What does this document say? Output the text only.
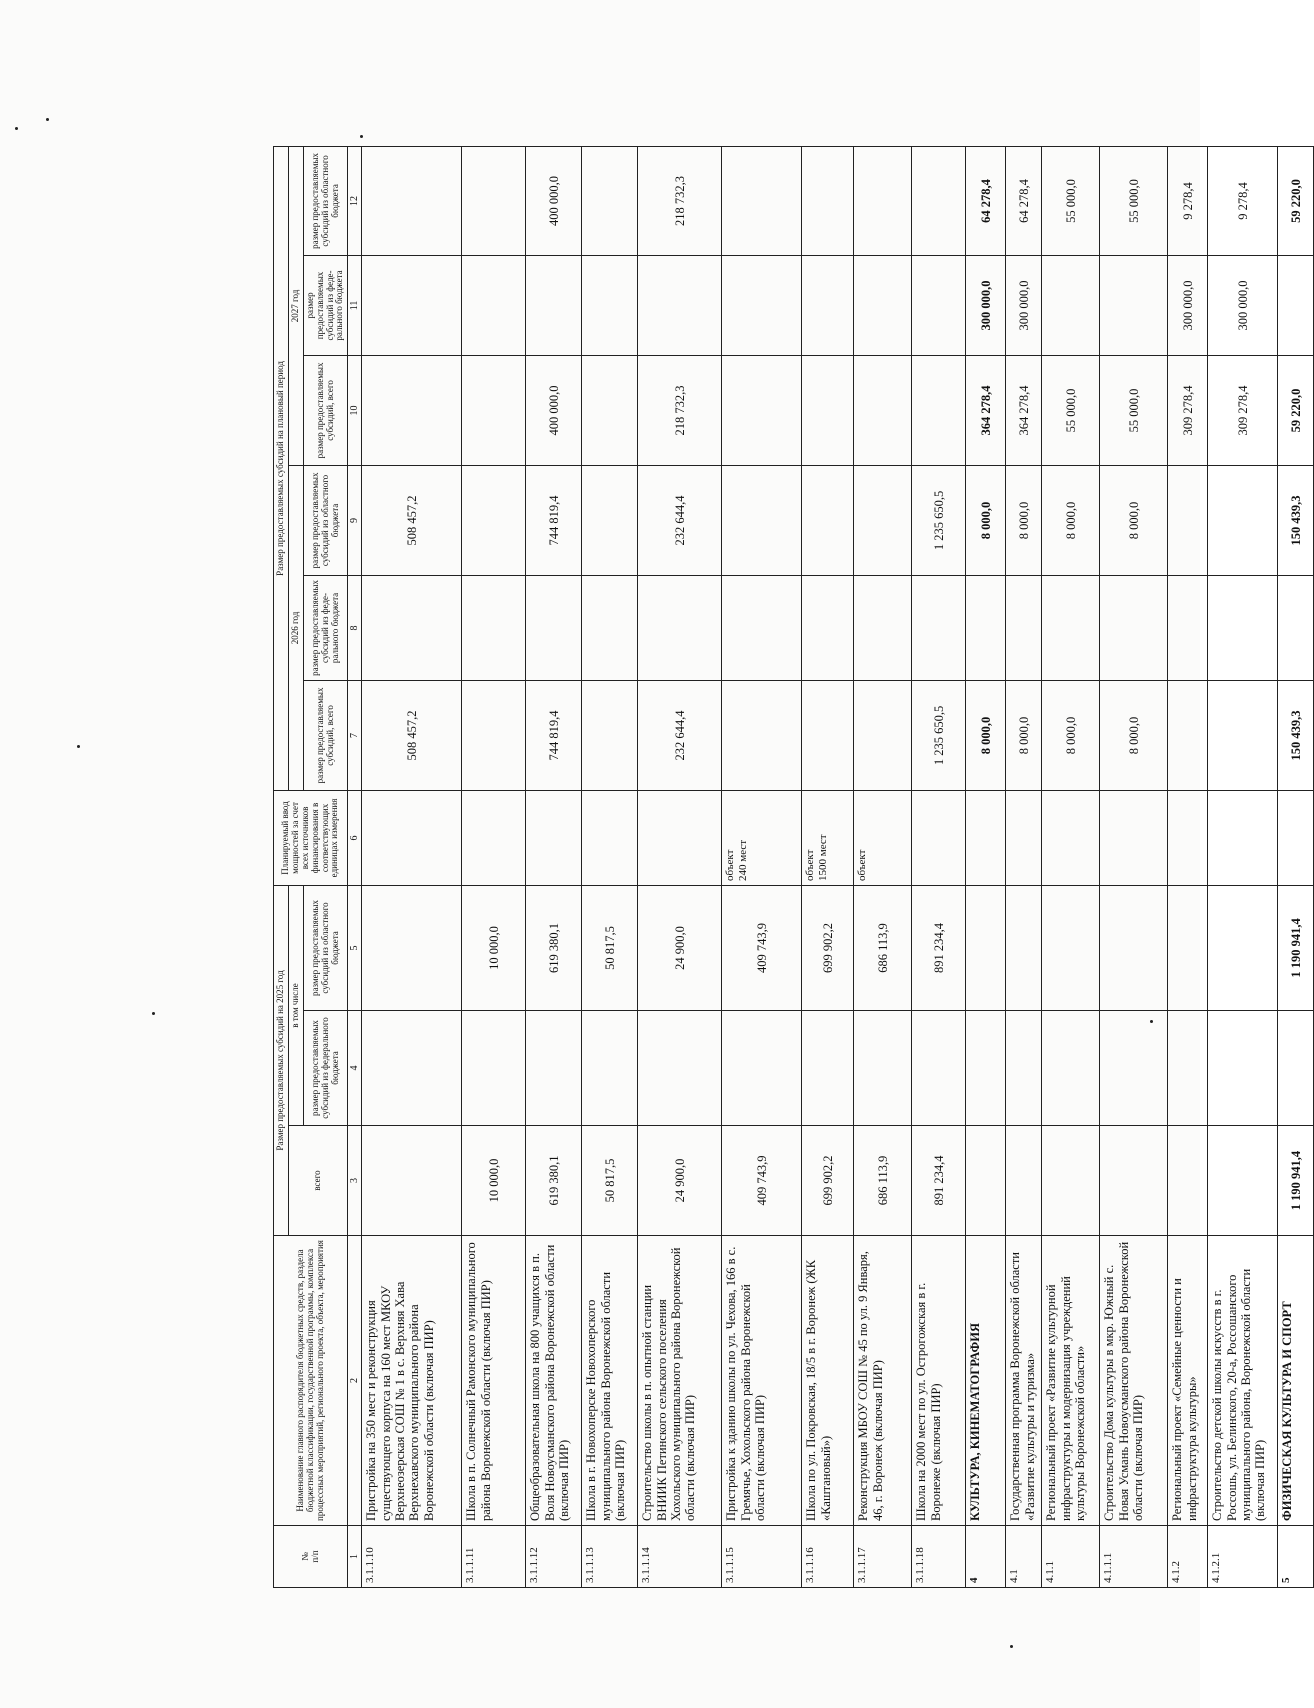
№
п/п	Наименование главного распорядителя бюджетных средств, раздела бюджетной классификации, государственной программы, комплекса процессных мероприятий, регионального проекта, объекта, мероприятия	Размер предоставляемых субсидий на 2025 год			Планируемый ввод мощностей за счет всех источников финансирования в соответствующих единицах измерения	Размер предоставляемых субсидий на плановый период					
		всего	в том числе			2026 год			2027 год		
			размер предоставляемых субсидий из федерального бюджета	размер предоставляемых субсидий из областного бюджета		размер предоставляемых субсидий, всего	размер предоставляемых субсидий из федерального бюджета	размер предоставляемых субсидий из областного бюджета	размер предоставляемых субсидий, всего	размер предоставляемых субсидий из федерального бюджета	размер предоставляемых субсидий из областного бюджета
1	2	3	4	5	6	7	8	9	10	11	12
3.1.1.10	Пристройка на 350 мест и реконструкция существующего корпуса на 160 мест МКОУ Верхнеозерская СОШ № 1 в с. Верхняя Хава Верхнехавского муниципального района Воронежской области (включая ПИР)					508 457,2		508 457,2			
3.1.1.11	Школа в п. Солнечный Рамонского муниципального района Воронежской области (включая ПИР)	10 000,0		10 000,0							
3.1.1.12	Общеобразовательная школа на 800 учащихся в п. Воля Новоусманского района Воронежской области (включая ПИР)	619 380,1		619 380,1		744 819,4		744 819,4	400 000,0		400 000,0
3.1.1.13	Школа в г. Новохоперске Новохоперского муниципального района Воронежской области (включая ПИР)	50 817,5		50 817,5							
3.1.1.14	Строительство школы в п. опытной станции ВНИИК Петинского сельского поселения Хохольского муниципального района Воронежской области (включая ПИР)	24 900,0		24 900,0		232 644,4		232 644,4	218 732,3		218 732,3
3.1.1.15	Пристройка к зданию школы по ул. Чехова, 166 в с. Гремячье, Хохольского района Воронежской области (включая ПИР)	409 743,9		409 743,9	объект
240 мест						
3.1.1.16	Школа по ул. Покровская, 18/5 в г. Воронеж (ЖК «Каштановый»)	699 902,2		699 902,2	объект
1500 мест						
3.1.1.17	Реконструкция МБОУ СОШ № 45 по ул. 9 Января, 46, г. Воронеж (включая ПИР)	686 113,9		686 113,9	объект						
3.1.1.18	Школа на 2000 мест по ул. Острогожская в г. Воронеже (включая ПИР)	891 234,4		891 234,4		1 235 650,5		1 235 650,5			
4	КУЛЬТУРА, КИНЕМАТОГРАФИЯ					8 000,0		8 000,0	364 278,4	300 000,0	64 278,4
4.1	Государственная программа Воронежской области «Развитие культуры и туризма»					8 000,0		8 000,0	364 278,4	300 000,0	64 278,4
4.1.1	Региональный проект «Развитие культурной инфраструктуры и модернизация учреждений культуры Воронежской области»					8 000,0		8 000,0	55 000,0		55 000,0
4.1.1.1	Строительство Дома культуры в мкр. Южный с. Новая Усмань Новоусманского района Воронежской области (включая ПИР)					8 000,0		8 000,0	55 000,0		55 000,0
4.1.2	Региональный проект «Семейные ценности и инфраструктура культуры»								309 278,4	300 000,0	9 278,4
4.1.2.1	Строительство детской школы искусств в г. Россошь, ул. Белинского, 20-а, Россошанского муниципального района, Воронежской области (включая ПИР)								309 278,4	300 000,0	9 278,4
5	ФИЗИЧЕСКАЯ КУЛЬТУРА И СПОРТ	1 190 941,4		1 190 941,4		150 439,3		150 439,3	59 220,0		59 220,0
